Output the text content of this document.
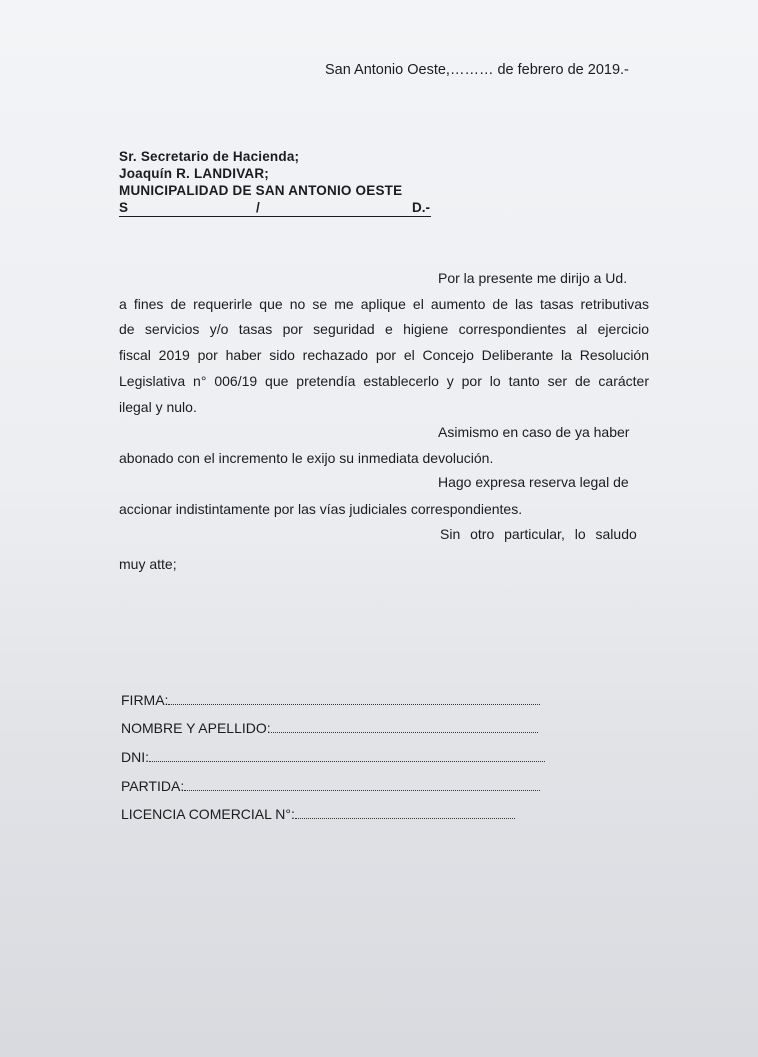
San Antonio Oeste,……… de febrero de 2019.-
Sr. Secretario de Hacienda;
Joaquín R. LANDIVAR;
MUNICIPALIDAD DE SAN ANTONIO OESTE
S	/	D.-
Por la presente me dirijo a Ud.
a fines de requerirle que no se me aplique el aumento de las tasas retributivas
de servicios y/o tasas por seguridad e higiene correspondientes al ejercicio
fiscal 2019 por haber sido rechazado por el Concejo Deliberante la Resolución
Legislativa n° 006/19 que pretendía establecerlo y por lo tanto ser de carácter
ilegal y nulo.
Asimismo en caso de ya haber
abonado con el incremento le exijo su inmediata devolución.
Hago expresa reserva legal de
accionar indistintamente por las vías judiciales correspondientes.
Sin otro particular, lo saludo
muy atte;
FIRMA:
NOMBRE Y APELLIDO:
DNI:
PARTIDA:
LICENCIA COMERCIAL N°:
